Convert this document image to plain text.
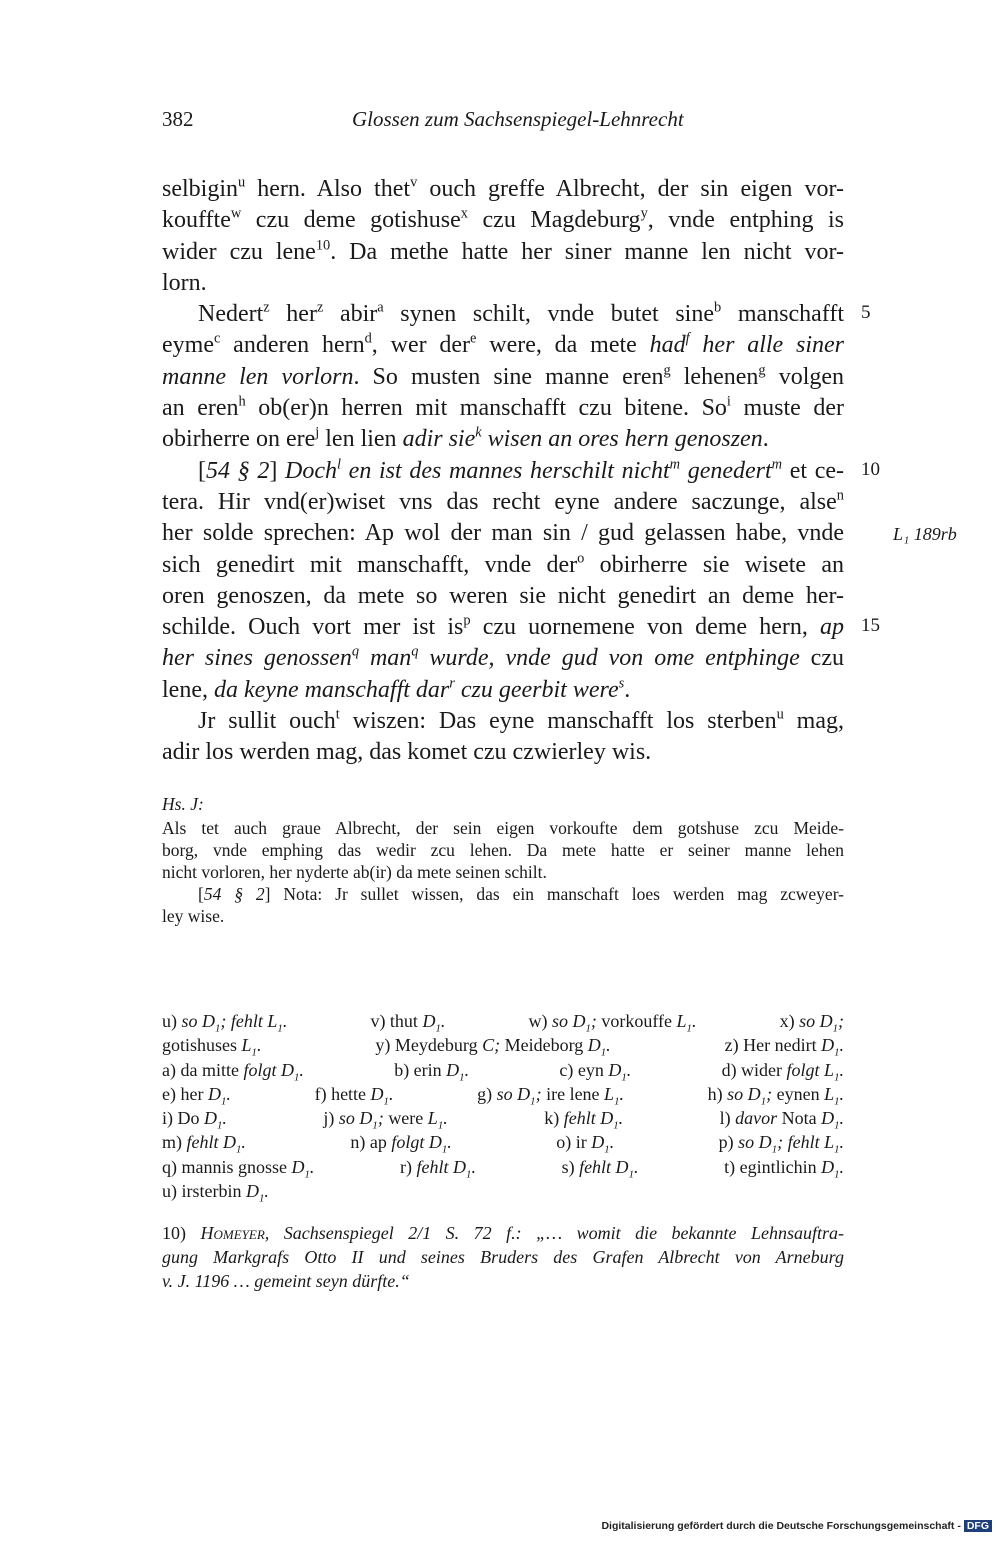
382	Glossen zum Sachsenspiegel-Lehnrecht
selbigin$^u$ hern. Also thet$^v$ ouch greffe Albrecht, der sin eigen vor-
kouffte$^w$ czu deme gotishuse$^x$ czu Magdeburg$^y$, vnde entphing is
wider czu lene$^{10}$. Da methe hatte her siner manne len nicht vor-
lorn.
Nedert$^z$ her$^z$ abir$^a$ synen schilt, vnde butet sine$^b$ manschafft
eyme$^c$ anderen hern$^d$, wer der$^e$ were, da mete had$^f$ her alle siner
manne len vorlorn. So musten sine manne eren$^g$ lehenen$^g$ volgen
an eren$^h$ ob(er)n herren mit manschafft czu bitene. So$^i$ muste der
obirherre on ere$^j$ len lien adir sie$^k$ wisen an ores hern genoszen.
[54 § 2] Doch$^l$ en ist des mannes herschilt nicht$^m$ genedert$^m$ et ce-
tera. Hir vnd(er)wiset vns das recht eyne andere saczunge, alse$^n$
her solde sprechen: Ap wol der man sin / gud gelassen habe, vnde
sich genedirt mit manschafft, vnde der$^o$ obirherre sie wisete an
oren genoszen, da mete so weren sie nicht genedirt an deme her-
schilde. Ouch vort mer ist $is^p$ czu uornemene von deme hern, ap
her sines genossen$^q$ man$^q$ wurde, vnde gud von ome entphinge czu
lene, da keyne manschafft dar$^r$ czu geerbit were$^s$.
Jr sullit ouch$^t$ wiszen: Das eyne manschafft los sterben$^u$ mag,
adir los werden mag, das komet czu czwierley wis.
5
10
15
L₁ 189rb
Hs. J:
Als tet auch graue Albrecht, der sein eigen vorkoufte dem gotshuse zcu Meide-
borg, vnde emphing das wedir zcu lehen. Da mete hatte er seiner manne lehen
nicht vorloren, her nyderte ab(ir) da mete seinen schilt.
[54 § 2] Nota: Jr sullet wissen, das ein manschaft loes werden mag zcweyer-
ley wise.
u) so $D_1$; fehlt $L_1$.	v) thut $D_1$.	w) so $D_1$; vorkouffe $L_1$.	x) so $D_1$;
gotishuses $L_1$.	y) Meydeburg C; Meideborg $D_1$.	z) Her nedirt $D_1$.
a) da mitte folgt $D_1$.	b) erin $D_1$.	c) eyn $D_1$.	d) wider folgt $L_1$.
e) her $D_1$.	f) hette $D_1$.	g) so $D_1$; ire lene $L_1$.	h) so $D_1$; eynen $L_1$.
i) Do $D_1$.	j) so $D_1$; were $L_1$.	k) fehlt $D_1$.	l) davor Nota $D_1$.
m) fehlt $D_1$.	n) ap folgt $D_1$.	o) ir $D_1$.	p) so $D_1$; fehlt $L_1$.
q) mannis gnosse $D_1$.	r) fehlt $D_1$.	s) fehlt $D_1$.	t) egintlichin $D_1$.
u) irsterbin $D_1$.
10) Homeyer, Sachsenspiegel 2/1 S. 72 f.: „… womit die bekannte Lehnsauftra-
gung Markgrafs Otto II und seines Bruders des Grafen Albrecht von Arneburg
v. J. 1196 … gemeint seyn dürfte.“
Digitalisierung gefördert durch die Deutsche Forschungsgemeinschaft - DFG
